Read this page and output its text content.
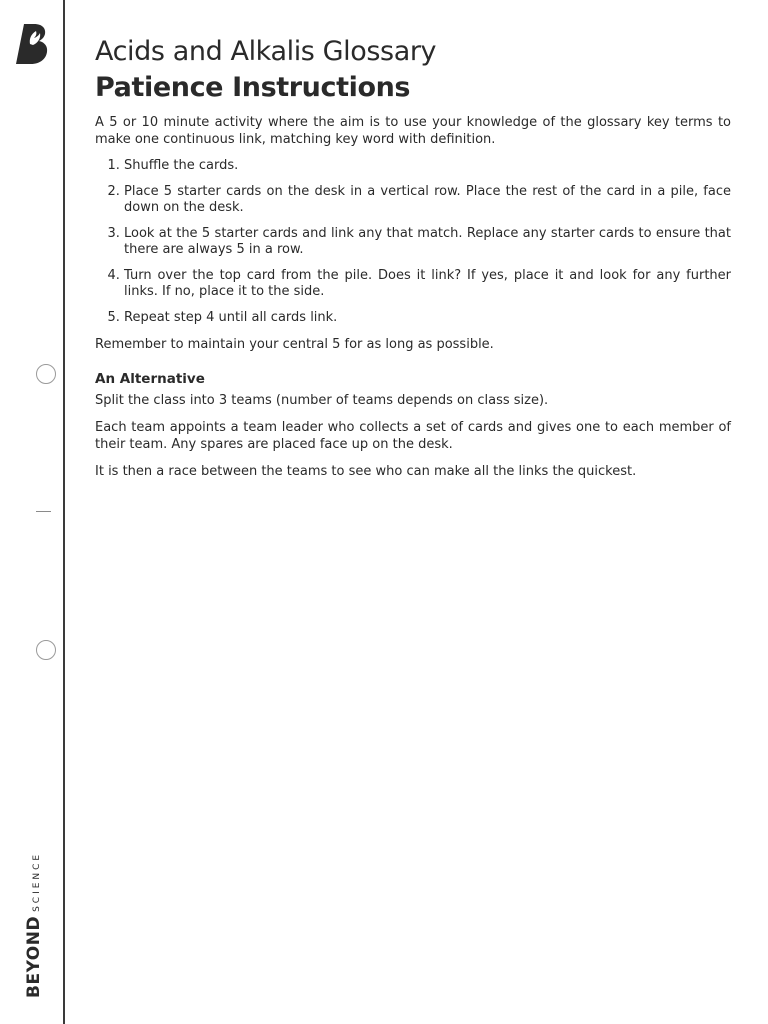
BEYONDSCIENCE
Acids and Alkalis Glossary
Patience Instructions

A 5 or 10 minute activity where the aim is to use your knowledge of the glossary key terms to make one continuous link, matching key word with definition.

1. Shuffle the cards.
2. Place 5 starter cards on the desk in a vertical row. Place the rest of the card in a pile, face down on the desk.
3. Look at the 5 starter cards and link any that match. Replace any starter cards to ensure that there are always 5 in a row.
4. Turn over the top card from the pile. Does it link? If yes, place it and look for any further links. If no, place it to the side.
5. Repeat step 4 until all cards link.

Remember to maintain your central 5 for as long as possible.

An Alternative

Split the class into 3 teams (number of teams depends on class size).

Each team appoints a team leader who collects a set of cards and gives one to each member of their team. Any spares are placed face up on the desk.

It is then a race between the teams to see who can make all the links the quickest.
